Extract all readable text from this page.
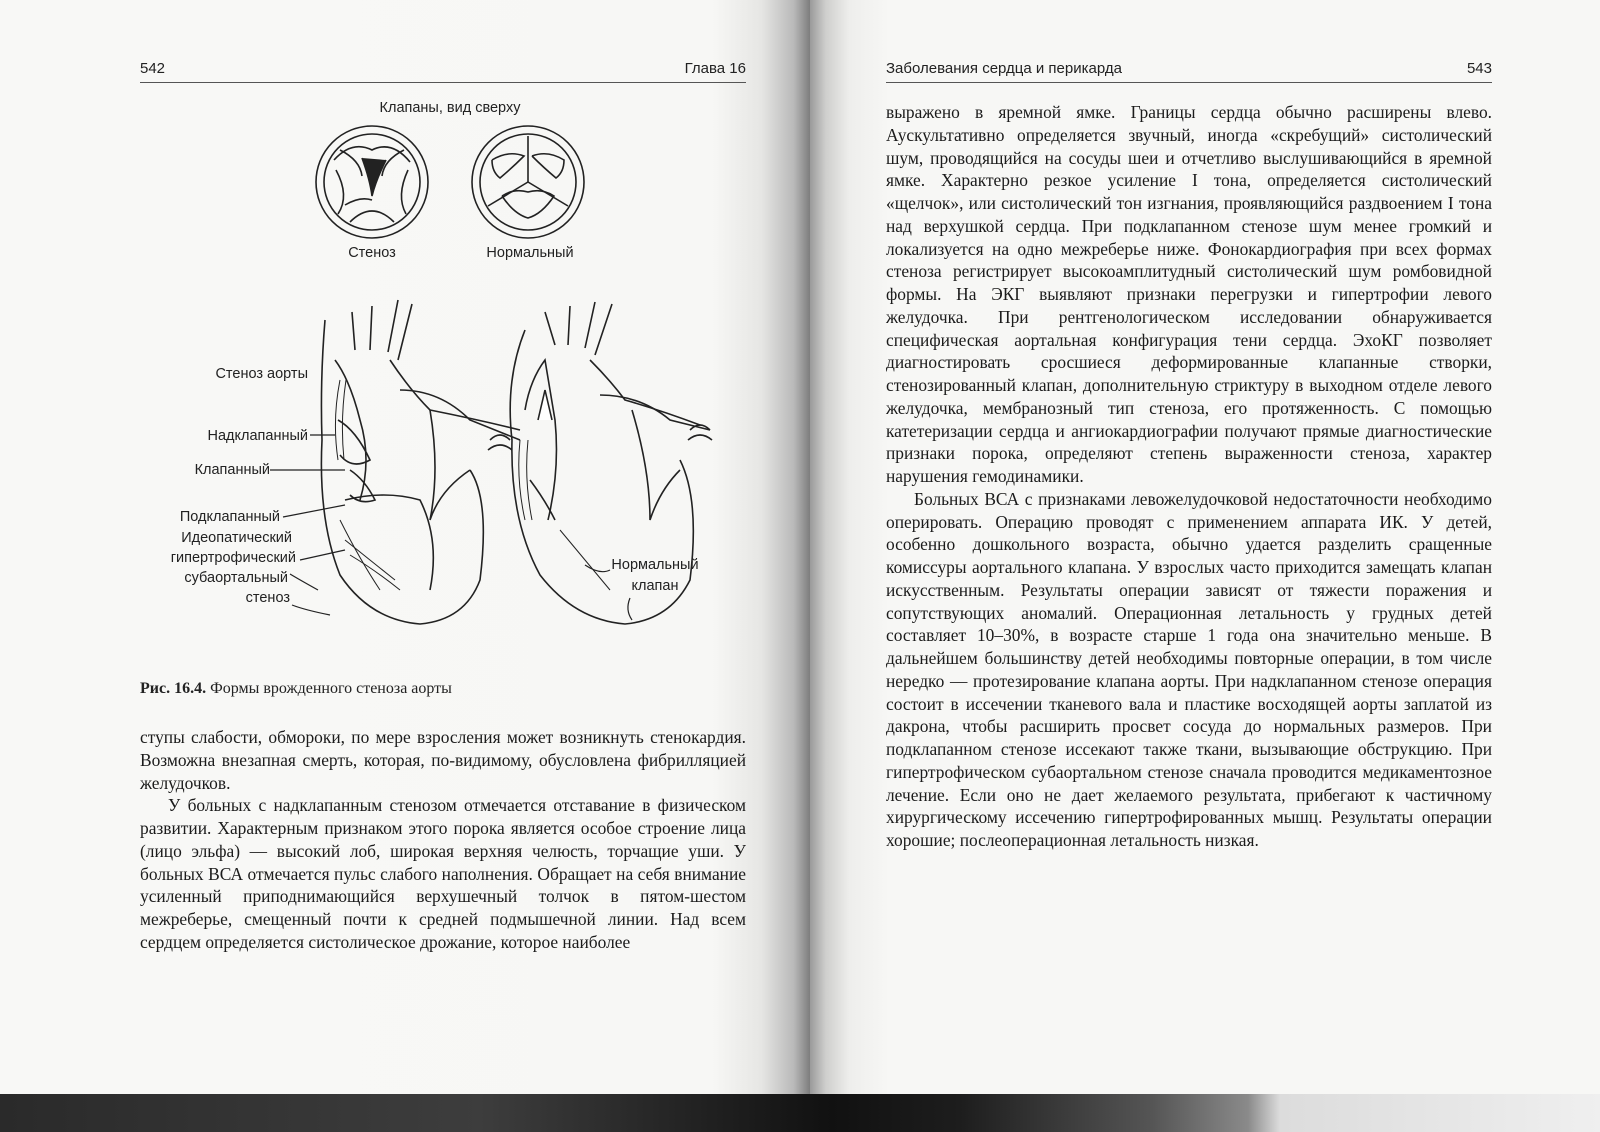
542	Глава 16
Клапаны, вид сверху
Стеноз	Нормальный
Стеноз аорты
Надклапанный
Клапанный
Подклапанный
Идеопатический
гипертрофический
субаортальный
стеноз
Нормальный
клапан
Рис. 16.4. Формы врожденного стеноза аорты

ступы слабости, обмороки, по мере взросления может возникнуть стенокардия. Возможна внезапная смерть, которая, по-видимому, обусловлена фибрилляцией желудочков.

У больных с надклапанным стенозом отмечается отставание в физическом развитии. Характерным признаком этого порока является особое строение лица (лицо эльфа) — высокий лоб, широкая верхняя челюсть, торчащие уши. У больных ВСА отмечается пульс слабого наполнения. Обращает на себя внимание усиленный приподнимающийся верхушечный толчок в пятом-шестом межреберье, смещенный почти к средней подмышечной линии. Над всем сердцем определяется систолическое дрожание, которое наиболее

Заболевания сердца и перикарда	543

выражено в яремной ямке. Границы сердца обычно расширены влево. Аускультативно определяется звучный, иногда «скребущий» систолический шум, проводящийся на сосуды шеи и отчетливо выслушивающийся в яремной ямке. Характерно резкое усиление I тона, определяется систолический «щелчок», или систолический тон изгнания, проявляющийся раздвоением I тона над верхушкой сердца. При подклапанном стенозе шум менее громкий и локализуется на одно межреберье ниже. Фонокардиография при всех формах стеноза регистрирует высокоамплитудный систолический шум ромбовидной формы. На ЭКГ выявляют признаки перегрузки и гипертрофии левого желудочка. При рентгенологическом исследовании обнаруживается специфическая аортальная конфигурация тени сердца. ЭхоКГ позволяет диагностировать сросшиеся деформированные клапанные створки, стенозированный клапан, дополнительную стриктуру в выходном отделе левого желудочка, мембранозный тип стеноза, его протяженность. С помощью катетеризации сердца и ангиокардиографии получают прямые диагностические признаки порока, определяют степень выраженности стеноза, характер нарушения гемодинамики.

Больных ВСА с признаками левожелудочковой недостаточности необходимо оперировать. Операцию проводят с применением аппарата ИК. У детей, особенно дошкольного возраста, обычно удается разделить сращенные комиссуры аортального клапана. У взрослых часто приходится замещать клапан искусственным. Результаты операции зависят от тяжести поражения и сопутствующих аномалий. Операционная летальность у грудных детей составляет 10–30%, в возрасте старше 1 года она значительно меньше. В дальнейшем большинству детей необходимы повторные операции, в том числе нередко — протезирование клапана аорты. При надклапанном стенозе операция состоит в иссечении тканевого вала и пластике восходящей аорты заплатой из дакрона, чтобы расширить просвет сосуда до нормальных размеров. При подклапанном стенозе иссекают также ткани, вызывающие обструкцию. При гипертрофическом субаортальном стенозе сначала проводится медикаментозное лечение. Если оно не дает желаемого результата, прибегают к частичному хирургическому иссечению гипертрофированных мышц. Результаты операции хорошие; послеоперационная летальность низкая.
